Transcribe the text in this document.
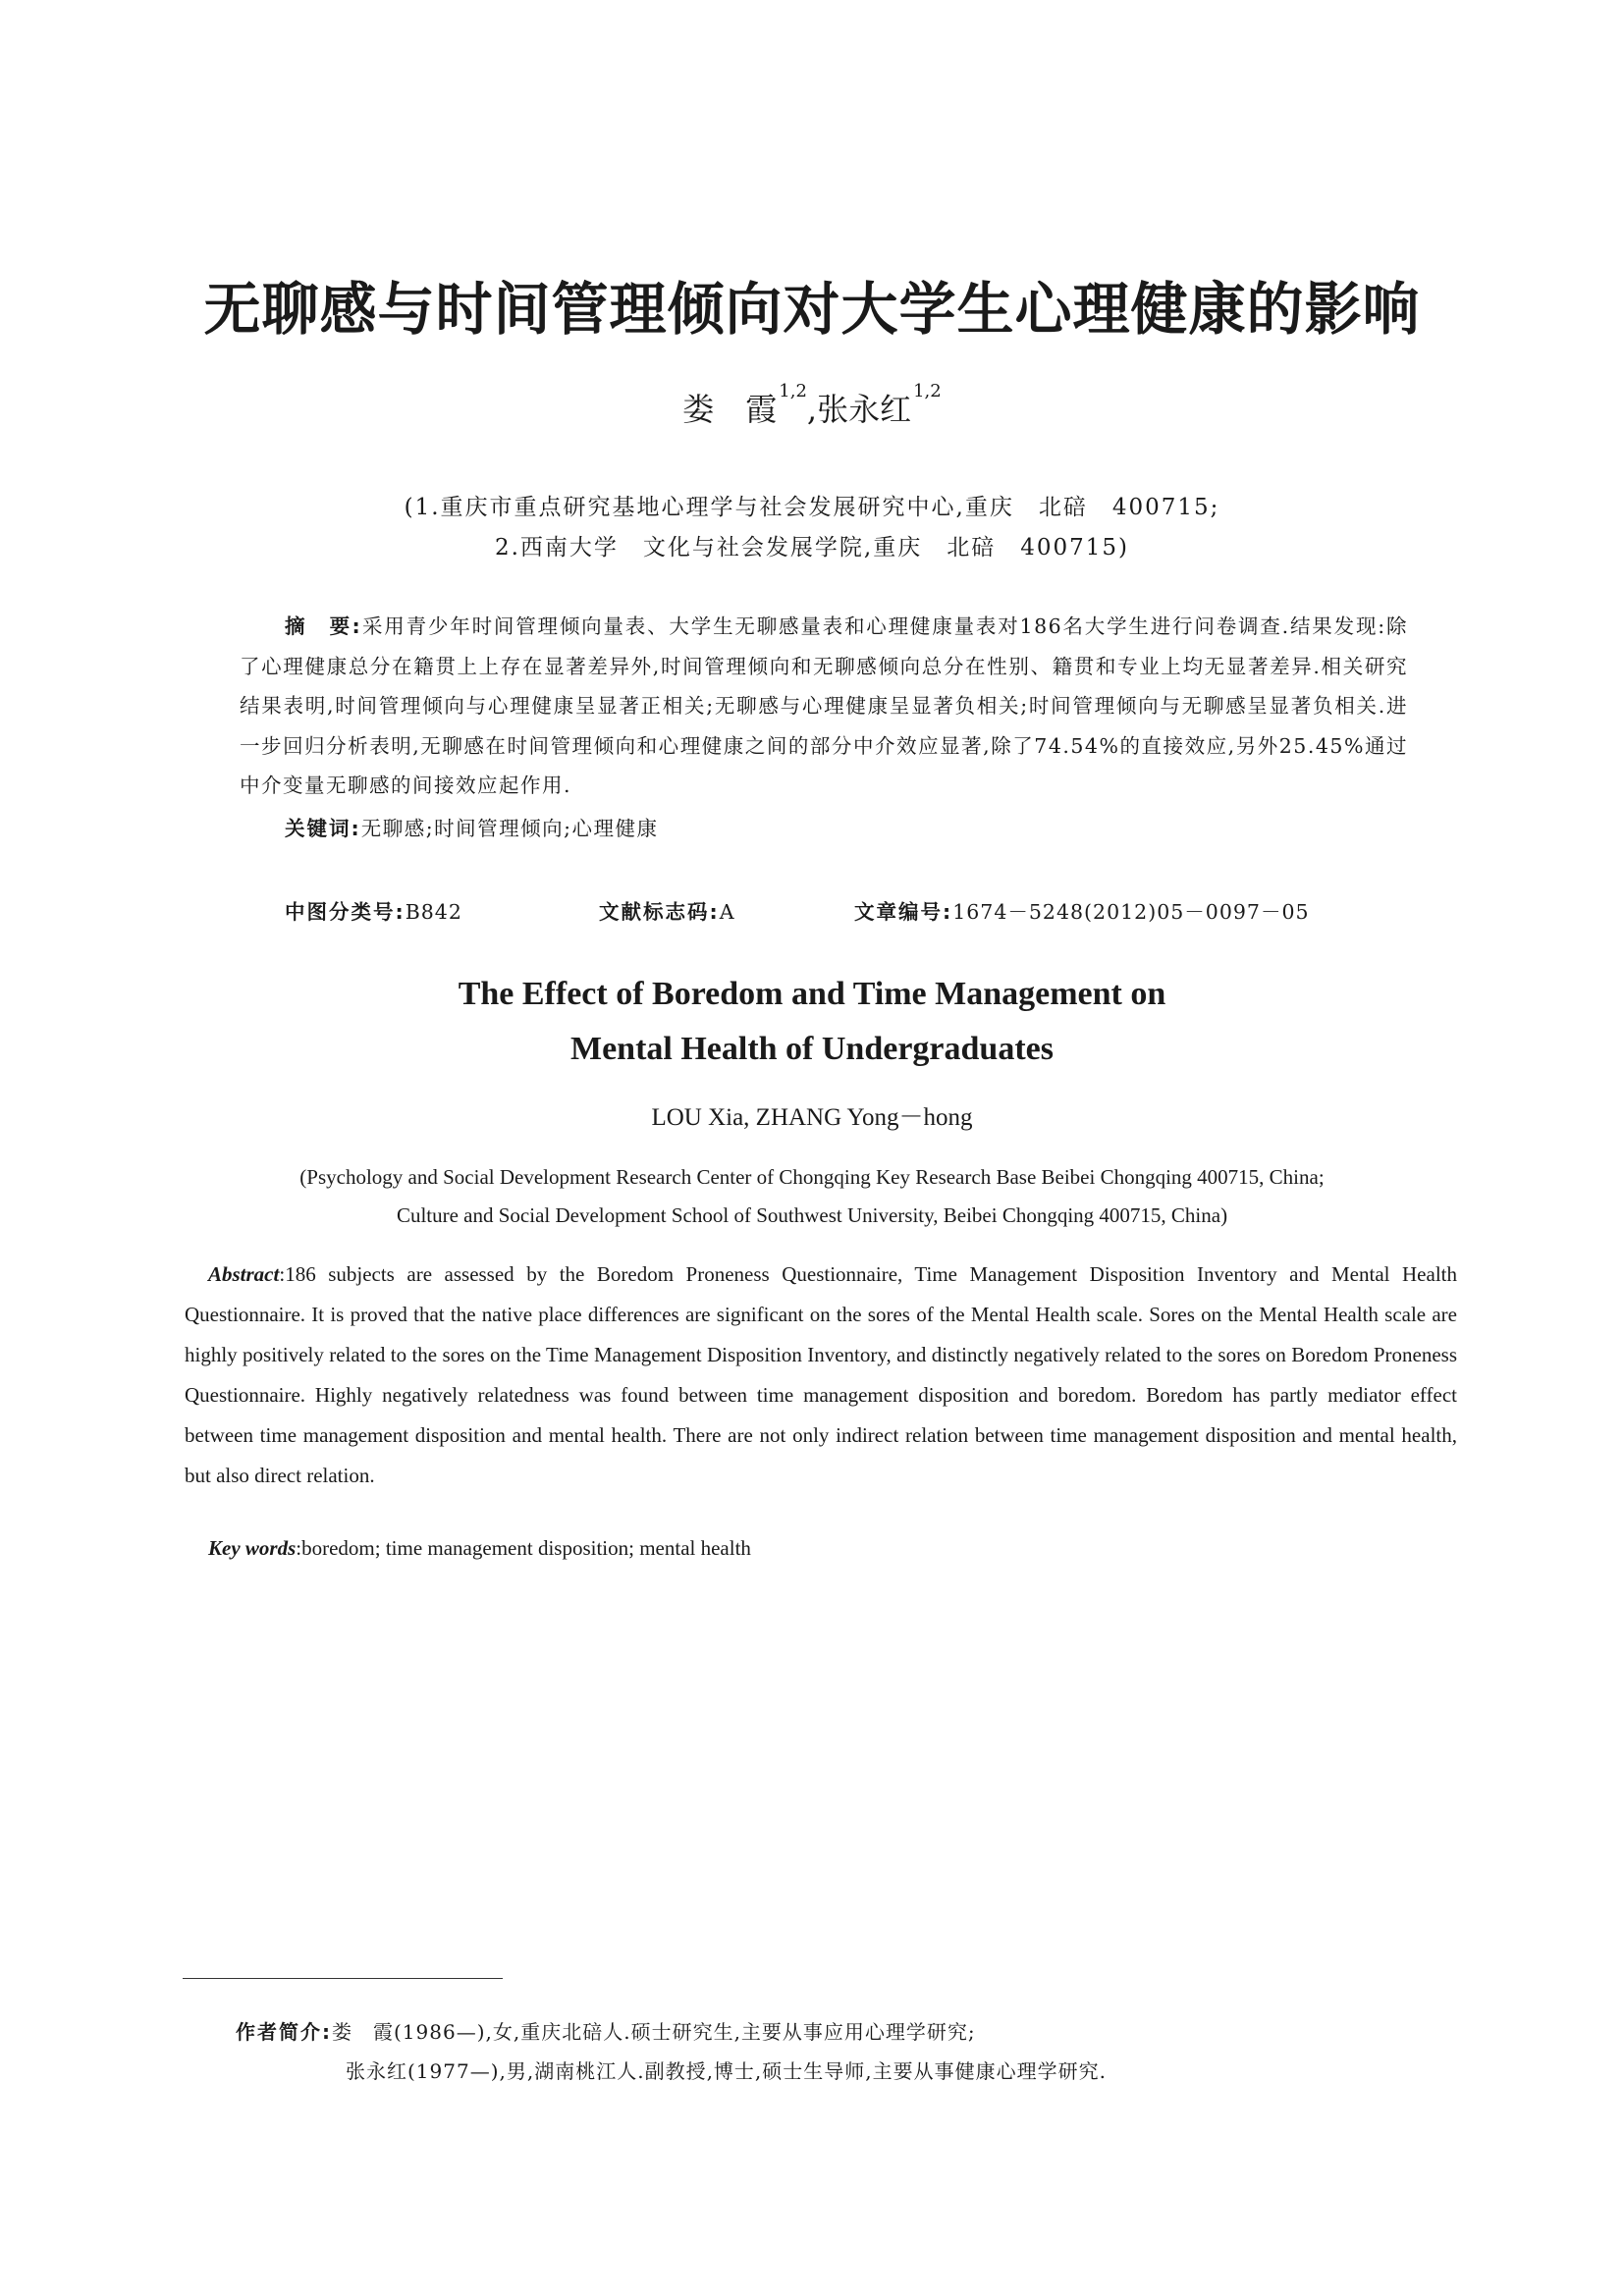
无聊感与时间管理倾向对大学生心理健康的影响
娄　霞 $^{1,2}$,张永红 $^{1,2}$
(1.重庆市重点研究基地心理学与社会发展研究中心,重庆　北碚　400715;
2.西南大学　文化与社会发展学院,重庆　北碚　400715)
摘　要:采用青少年时间管理倾向量表、大学生无聊感量表和心理健康量表对186名大学生进行问卷调查.结果发现:除了心理健康总分在籍贯上上存在显著差异外,时间管理倾向和无聊感倾向总分在性别、籍贯和专业上均无显著差异.相关研究结果表明,时间管理倾向与心理健康呈显著正相关;无聊感与心理健康呈显著负相关;时间管理倾向与无聊感呈显著负相关.进一步回归分析表明,无聊感在时间管理倾向和心理健康之间的部分中介效应显著,除了74.54%的直接效应,另外25.45%通过中介变量无聊感的间接效应起作用.
关键词:无聊感;时间管理倾向;心理健康
中图分类号:B842	文献标志码:A	文章编号:1674－5248(2012)05－0097－05
The Effect of Boredom and Time Management on
Mental Health of Undergraduates
LOU Xia, ZHANG Yong－hong
(Psychology and Social Development Research Center of Chongqing Key Research Base Beibei Chongqing 400715, China;
Culture and Social Development School of Southwest University, Beibei Chongqing 400715, China)
Abstract:186 subjects are assessed by the Boredom Proneness Questionnaire, Time Management Disposition Inventory and Mental Health Questionnaire. It is proved that the native place differences are significant on the sores of the Mental Health scale. Sores on the Mental Health scale are highly positively related to the sores on the Time Management Disposition Inventory, and distinctly negatively related to the sores on Boredom Proneness Questionnaire. Highly negatively relatedness was found between time management disposition and boredom. Boredom has partly mediator effect between time management disposition and mental health. There are not only indirect relation between time management disposition and mental health, but also direct relation.
Key words:boredom; time management disposition; mental health
作者简介:娄　霞(1986—),女,重庆北碚人.硕士研究生,主要从事应用心理学研究;
张永红(1977—),男,湖南桃江人.副教授,博士,硕士生导师,主要从事健康心理学研究.
